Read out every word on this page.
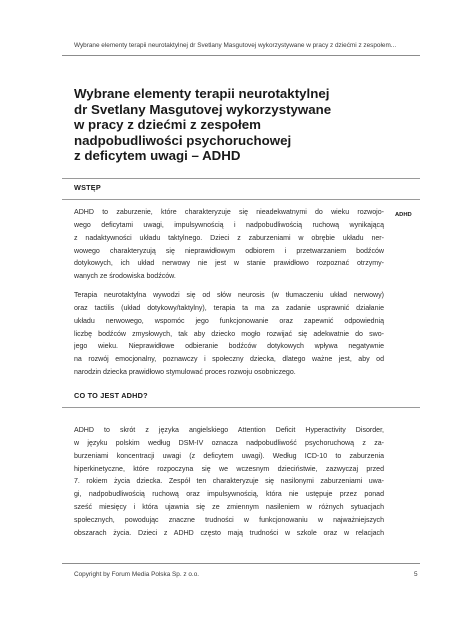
Wybrane elementy terapii neurotaktylnej dr Svetlany Masgutovej wykorzystywane w pracy z dziećmi z zespołem...
Wybrane elementy terapii neurotaktylnej
dr Svetlany Masgutovej wykorzystywane
w pracy z dziećmi z zespołem
nadpobudliwości psychoruchowej
z deficytem uwagi – ADHD
WSTĘP
ADHD

ADHD to zaburzenie, które charakteryzuje się nieadekwatnymi do wieku rozwojo-
wego deficytami uwagi, impulsywnością i nadpobudliwością ruchową wynikającą
z nadaktywności układu taktylnego. Dzieci z zaburzeniami w obrębie układu ner-
wowego charakteryzują się nieprawidłowym odbiorem i przetwarzaniem bodźców
dotykowych, ich układ nerwowy nie jest w stanie prawidłowo rozpoznać otrzymy-
wanych ze środowiska bodźców.

Terapia neurotaktylna wywodzi się od słów neurosis (w tłumaczeniu układ nerwowy)
oraz tactilis (układ dotykowy/taktylny), terapia ta ma za zadanie usprawnić działanie
układu nerwowego, wspomóc jego funkcjonowanie oraz zapewnić odpowiednią
liczbę bodźców zmysłowych, tak aby dziecko mogło rozwijać się adekwatnie do swo-
jego wieku. Nieprawidłowe odbieranie bodźców dotykowych wpływa negatywnie
na rozwój emocjonalny, poznawczy i społeczny dziecka, dlatego ważne jest, aby od
narodzin dziecka prawidłowo stymulować proces rozwoju osobniczego.

CO TO JEST ADHD?

ADHD to skrót z języka angielskiego Attention Deficit Hyperactivity Disorder,
w języku polskim według DSM-IV oznacza nadpobudliwość psychoruchową z za-
burzeniami koncentracji uwagi (z deficytem uwagi). Według ICD-10 to zaburzenia
hiperkinetyczne, które rozpoczyna się we wczesnym dzieciństwie, zazwyczaj przed
7. rokiem życia dziecka. Zespół ten charakteryzuje się nasilonymi zaburzeniami uwa-
gi, nadpobudliwością ruchową oraz impulsywnością, która nie ustępuje przez ponad
sześć miesięcy i która ujawnia się ze zmiennym nasileniem w różnych sytuacjach
społecznych, powodując znaczne trudności w funkcjonowaniu w najważniejszych
obszarach życia. Dzieci z ADHD często mają trudności w szkole oraz w relacjach

Copyright by Forum Media Polska Sp. z o.o.	5
